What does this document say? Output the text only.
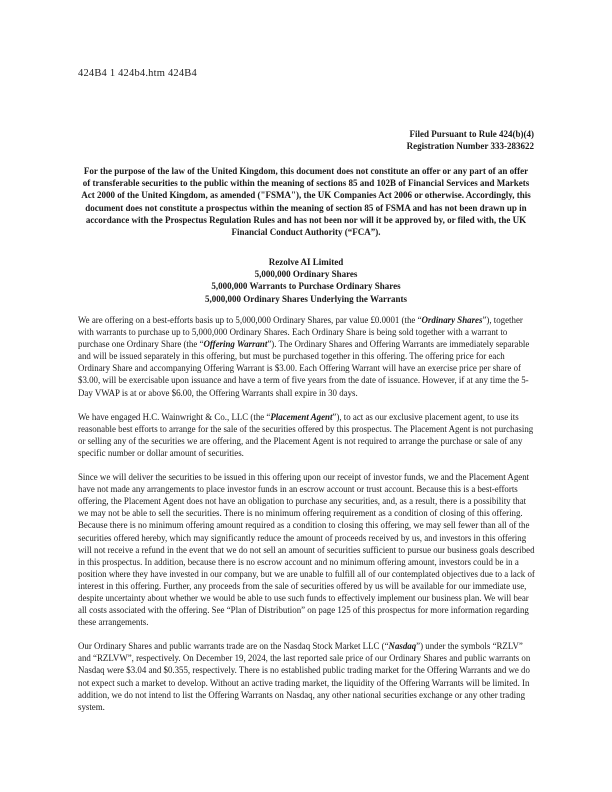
424B4 1 424b4.htm 424B4
Filed Pursuant to Rule 424(b)(4)
Registration Number 333-283622
For the purpose of the law of the United Kingdom, this document does not constitute an offer or any part of an offer of transferable securities to the public within the meaning of sections 85 and 102B of Financial Services and Markets Act 2000 of the United Kingdom, as amended ("FSMA"), the UK Companies Act 2006 or otherwise. Accordingly, this document does not constitute a prospectus within the meaning of section 85 of FSMA and has not been drawn up in accordance with the Prospectus Regulation Rules and has not been nor will it be approved by, or filed with, the UK Financial Conduct Authority (“FCA”).
Rezolve AI Limited
5,000,000 Ordinary Shares
5,000,000 Warrants to Purchase Ordinary Shares
5,000,000 Ordinary Shares Underlying the Warrants

We are offering on a best-efforts basis up to 5,000,000 Ordinary Shares, par value £0.0001 (the “Ordinary Shares”), together with warrants to purchase up to 5,000,000 Ordinary Shares. Each Ordinary Share is being sold together with a warrant to purchase one Ordinary Share (the “Offering Warrant”). The Ordinary Shares and Offering Warrants are immediately separable and will be issued separately in this offering, but must be purchased together in this offering. The offering price for each Ordinary Share and accompanying Offering Warrant is $3.00. Each Offering Warrant will have an exercise price per share of $3.00, will be exercisable upon issuance and have a term of five years from the date of issuance. However, if at any time the 5-Day VWAP is at or above $6.00, the Offering Warrants shall expire in 30 days.

We have engaged H.C. Wainwright & Co., LLC (the “Placement Agent”), to act as our exclusive placement agent, to use its reasonable best efforts to arrange for the sale of the securities offered by this prospectus. The Placement Agent is not purchasing or selling any of the securities we are offering, and the Placement Agent is not required to arrange the purchase or sale of any specific number or dollar amount of securities.

Since we will deliver the securities to be issued in this offering upon our receipt of investor funds, we and the Placement Agent have not made any arrangements to place investor funds in an escrow account or trust account. Because this is a best-efforts offering, the Placement Agent does not have an obligation to purchase any securities, and, as a result, there is a possibility that we may not be able to sell the securities. There is no minimum offering requirement as a condition of closing of this offering. Because there is no minimum offering amount required as a condition to closing this offering, we may sell fewer than all of the securities offered hereby, which may significantly reduce the amount of proceeds received by us, and investors in this offering will not receive a refund in the event that we do not sell an amount of securities sufficient to pursue our business goals described in this prospectus. In addition, because there is no escrow account and no minimum offering amount, investors could be in a position where they have invested in our company, but we are unable to fulfill all of our contemplated objectives due to a lack of interest in this offering. Further, any proceeds from the sale of securities offered by us will be available for our immediate use, despite uncertainty about whether we would be able to use such funds to effectively implement our business plan. We will bear all costs associated with the offering. See “Plan of Distribution” on page 125 of this prospectus for more information regarding these arrangements.

Our Ordinary Shares and public warrants trade are on the Nasdaq Stock Market LLC (“Nasdaq”) under the symbols “RZLV” and “RZLVW”, respectively. On December 19, 2024, the last reported sale price of our Ordinary Shares and public warrants on Nasdaq were $3.04 and $0.355, respectively. There is no established public trading market for the Offering Warrants and we do not expect such a market to develop. Without an active trading market, the liquidity of the Offering Warrants will be limited. In addition, we do not intend to list the Offering Warrants on Nasdaq, any other national securities exchange or any other trading system.
